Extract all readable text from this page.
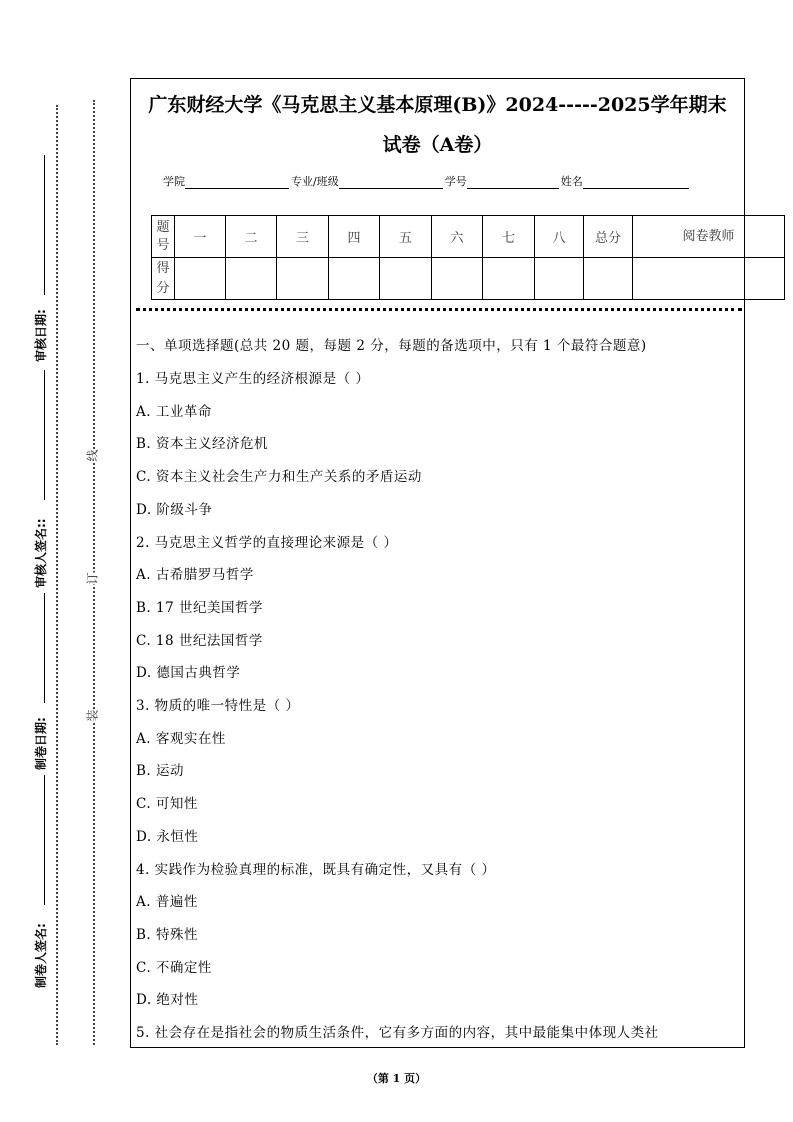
审核日期:
审核人签名::
制卷日期:
制卷人签名:
线
订
装
广东财经大学《马克思主义基本原理(B)》2024-----2025学年期末
试卷（A卷）
学院	专业/班级	学号	姓名
题号	一	二	三	四	五	六	七	八	总分	阅卷教师
得分										
一、单项选择题(总共 20 题，每题 2 分，每题的备选项中，只有 1 个最符合题意)
1. 马克思主义产生的经济根源是（ ）
A. 工业革命
B. 资本主义经济危机
C. 资本主义社会生产力和生产关系的矛盾运动
D. 阶级斗争
2. 马克思主义哲学的直接理论来源是（ ）
A. 古希腊罗马哲学
B. 17 世纪美国哲学
C. 18 世纪法国哲学
D. 德国古典哲学
3. 物质的唯一特性是（ ）
A. 客观实在性
B. 运动
C. 可知性
D. 永恒性
4. 实践作为检验真理的标准，既具有确定性，又具有（ ）
A. 普遍性
B. 特殊性
C. 不确定性
D. 绝对性
5. 社会存在是指社会的物质生活条件，它有多方面的内容，其中最能集中体现人类社
（第 1 页）
